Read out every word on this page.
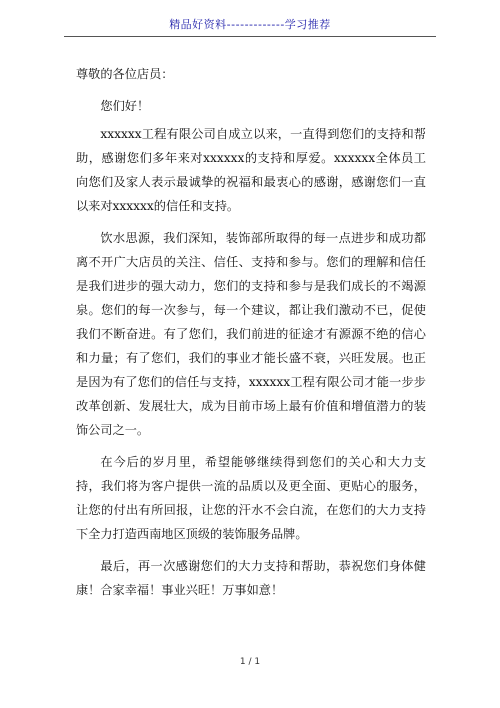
精品好资料-------------学习推荐

尊敬的各位店员：

您们好！

xxxxxx工程有限公司自成立以来，一直得到您们的支持和帮助，感谢您们多年来对xxxxxx的支持和厚爱。xxxxxx全体员工向您们及家人表示最诚挚的祝福和最衷心的感谢，感谢您们一直以来对xxxxxx的信任和支持。

饮水思源，我们深知，装饰部所取得的每一点进步和成功都离不开广大店员的关注、信任、支持和参与。您们的理解和信任是我们进步的强大动力，您们的支持和参与是我们成长的不竭源泉。您们的每一次参与，每一个建议，都让我们激动不已，促使我们不断奋进。有了您们，我们前进的征途才有源源不绝的信心和力量；有了您们，我们的事业才能长盛不衰，兴旺发展。也正是因为有了您们的信任与支持，xxxxxx工程有限公司才能一步步改革创新、发展壮大，成为目前市场上最有价值和增值潜力的装饰公司之一。

在今后的岁月里，希望能够继续得到您们的关心和大力支持，我们将为客户提供一流的品质以及更全面、更贴心的服务，让您的付出有所回报，让您的汗水不会白流，在您们的大力支持下全力打造西南地区顶级的装饰服务品牌。

最后，再一次感谢您们的大力支持和帮助，恭祝您们身体健康！合家幸福！事业兴旺！万事如意！

1 / 1
